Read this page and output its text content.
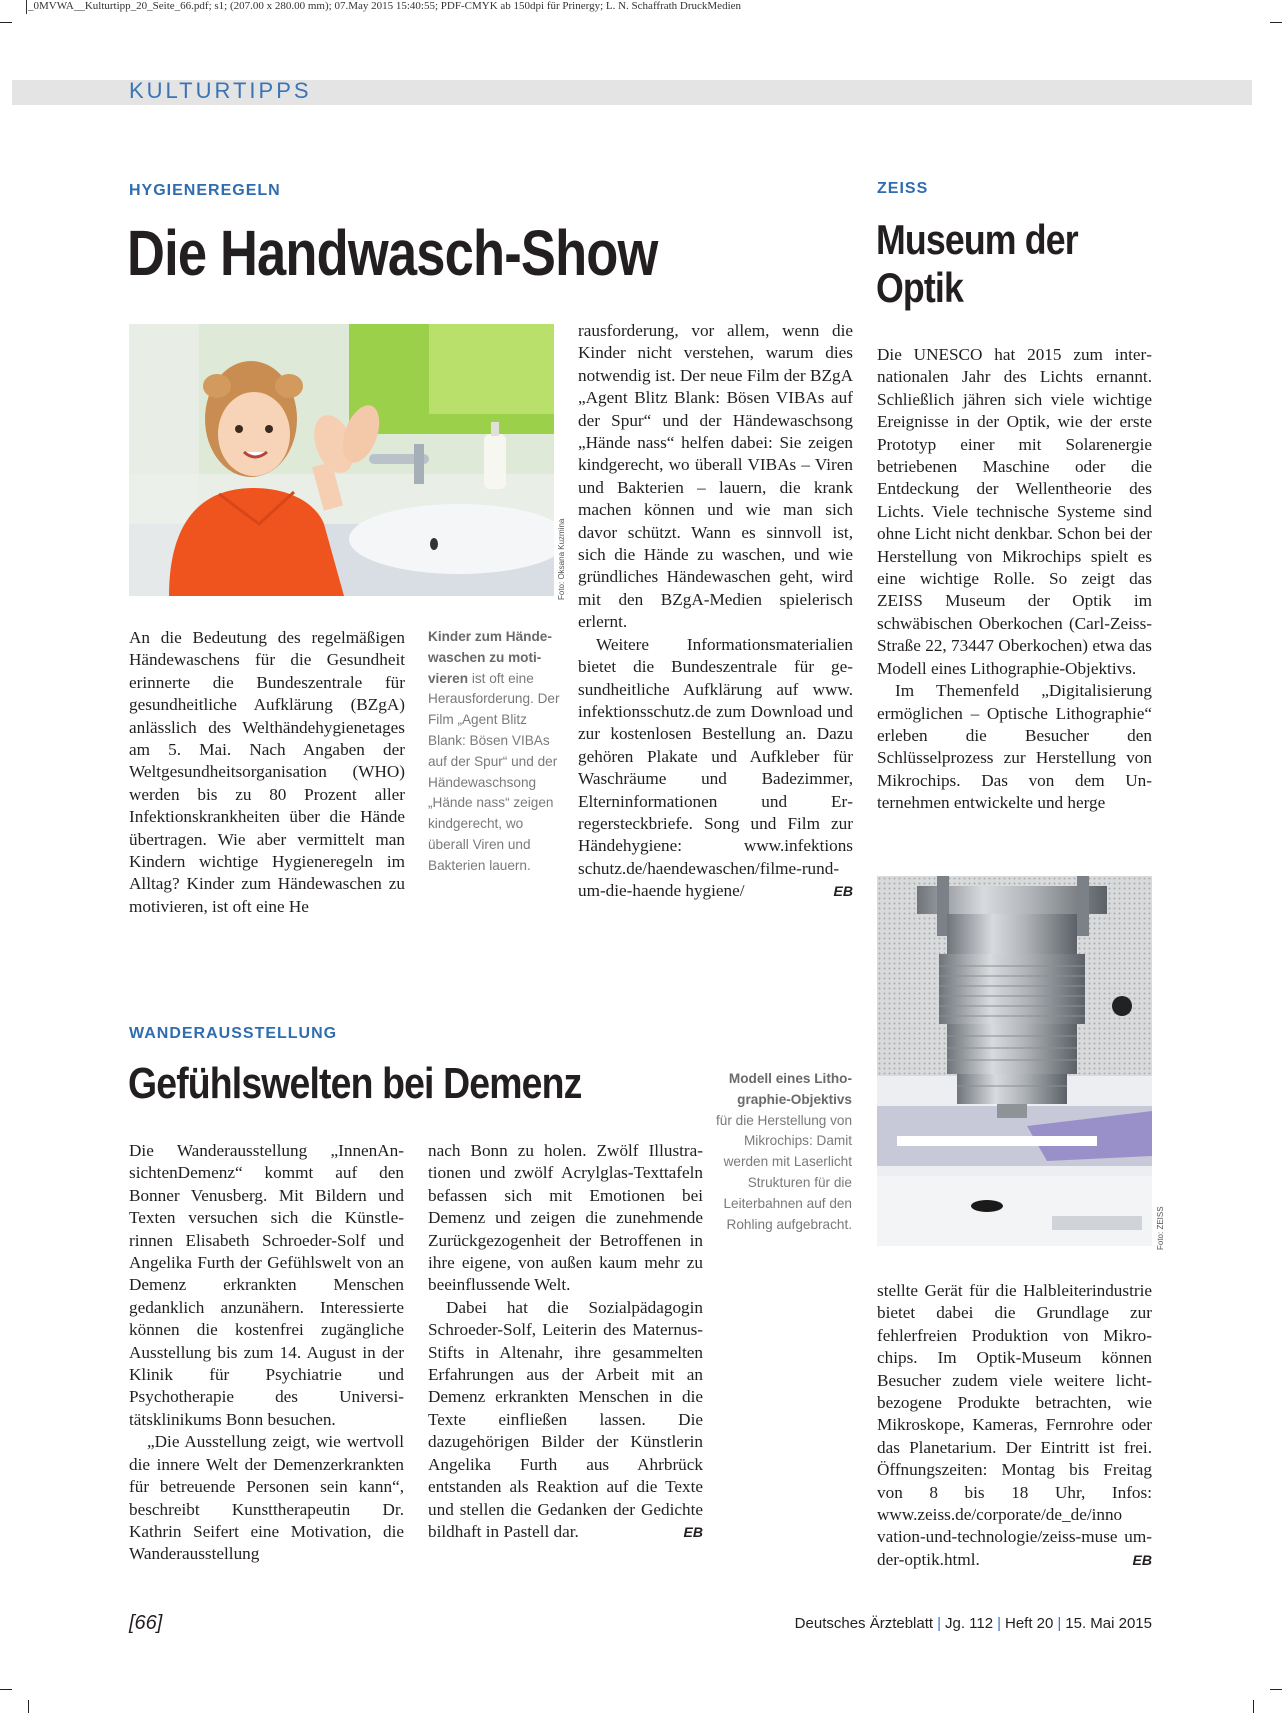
_0MVWA__Kulturtipp_20_Seite_66.pdf; s1; (207.00 x 280.00 mm); 07.May 2015 15:40:55; PDF-CMYK ab 150dpi für Prinergy; L. N. Schaffrath DruckMedien
KULTURTIPPS
HYGIENEREGELN
Die Handwasch-Show
Foto: Oksana Kuzmina

An die Bedeutung des regelmäßigen Händewaschens für die Gesundheit erinnerte die Bundeszentrale für gesundheitliche Aufklärung (BZgA) anlässlich des Welthändehygienetages am 5. Mai. Nach Angaben der Weltgesundheitsorganisation (WHO) werden bis zu 80 Prozent aller Infektionskrankheiten über die Hände übertragen. Wie aber vermittelt man Kindern wichtige Hygieneregeln im Alltag? Kinder zum Händewaschen zu motivieren, ist oft eine He

Kinder zum Händewaschen zu motivieren ist oft eine Herausforderung. Der Film „Agent Blitz Blank: Bösen VIBAs auf der Spur“ und der Händewaschsong „Hände nass“ zeigen kindgerecht, wo überall Viren und Bakterien lauern.

rausforderung, vor allem, wenn die Kinder nicht verstehen, warum dies notwendig ist. Der neue Film der BZgA „Agent Blitz Blank: Bösen VIBAs auf der Spur“ und der Händewaschsong „Hände nass“ helfen dabei: Sie zeigen kindgerecht, wo überall VIBAs – Viren und Bakterien – lauern, die krank machen können und wie man sich davor schützt. Wann es sinnvoll ist, sich die Hände zu waschen, und wie gründliches Händewaschen geht, wird mit den BZgA-Medien spielerisch erlernt.

Weitere Informationsmaterialien bietet die Bundeszentrale für gesundheitliche Aufklärung auf www. infektionsschutz.de zum Download und zur kostenlosen Bestellung an. Dazu gehören Plakate und Aufkleber für Waschräume und Badezimmer, Elterninformationen und Erregersteckbriefe. Song und Film zur Händehygiene: www.infektions schutz.de/haendewaschen/filme-rund-um-die-haende hygiene/	EB

ZEISS
Museum der
Optik

Die UNESCO hat 2015 zum internationalen Jahr des Lichts ernannt. Schließlich jähren sich viele wichtige Ereignisse in der Optik, wie der erste Prototyp einer mit Solarenergie betriebenen Maschine oder die Entdeckung der Wellentheorie des Lichts. Viele technische Systeme sind ohne Licht nicht denkbar. Schon bei der Herstellung von Mikrochips spielt es eine wichtige Rolle. So zeigt das ZEISS Museum der Optik im schwäbischen Oberkochen (Carl-Zeiss-Straße 22, 73447 Oberkochen) etwa das Modell eines Lithographie-Objektivs.

Im Themenfeld „Digitalisierung ermöglichen – Optische Lithographie“ erleben die Besucher den Schlüsselprozess zur Herstellung von Mikrochips. Das von dem Unternehmen entwickelte und herge

Foto: ZEISS
Modell eines Lithographie-Objektivs
für die Herstellung von Mikrochips: Damit werden mit Laserlicht Strukturen für die Leiterbahnen auf den Rohling aufgebracht.

stellte Gerät für die Halbleiterindustrie bietet dabei die Grundlage zur fehlerfreien Produktion von Mikrochips. Im Optik-Museum können Besucher zudem viele weitere lichtbezogene Produkte betrachten, wie Mikroskope, Kameras, Fernrohre oder das Planetarium. Der Eintritt ist frei. Öffnungszeiten: Montag bis Freitag von 8 bis 18 Uhr, Infos: www.zeiss.de/corporate/de_de/inno vation-und-technologie/zeiss-muse um-der-optik.html.	EB

WANDERAUSSTELLUNG
Gefühlswelten bei Demenz

Die Wanderausstellung „InnenAnsichtenDemenz“ kommt auf den Bonner Venusberg. Mit Bildern und Texten versuchen sich die Künstlerinnen Elisabeth Schroeder-Solf und Angelika Furth der Gefühlswelt von an Demenz erkrankten Menschen gedanklich anzunähern. Interessierte können die kostenfrei zugängliche Ausstellung bis zum 14. August in der Klinik für Psychiatrie und Psychotherapie des Universitätsklinikums Bonn besuchen.

„Die Ausstellung zeigt, wie wertvoll die innere Welt der Demenzerkrankten für betreuende Personen sein kann“, beschreibt Kunsttherapeutin Dr. Kathrin Seifert eine Motivation, die Wanderausstellung

nach Bonn zu holen. Zwölf Illustrationen und zwölf Acrylglas-Texttafeln befassen sich mit Emotionen bei Demenz und zeigen die zunehmende Zurückgezogenheit der Betroffenen in ihre eigene, von außen kaum mehr zu beeinflussende Welt.

Dabei hat die Sozialpädagogin Schroeder-Solf, Leiterin des Maternus-Stifts in Altenahr, ihre gesammelten Erfahrungen aus der Arbeit mit an Demenz erkrankten Menschen in die Texte einfließen lassen. Die dazugehörigen Bilder der Künstlerin Angelika Furth aus Ahrbrück entstanden als Reaktion auf die Texte und stellen die Gedanken der Gedichte bildhaft in Pastell dar.	EB

[66]	Deutsches Ärzteblatt | Jg. 112 | Heft 20 | 15. Mai 2015
